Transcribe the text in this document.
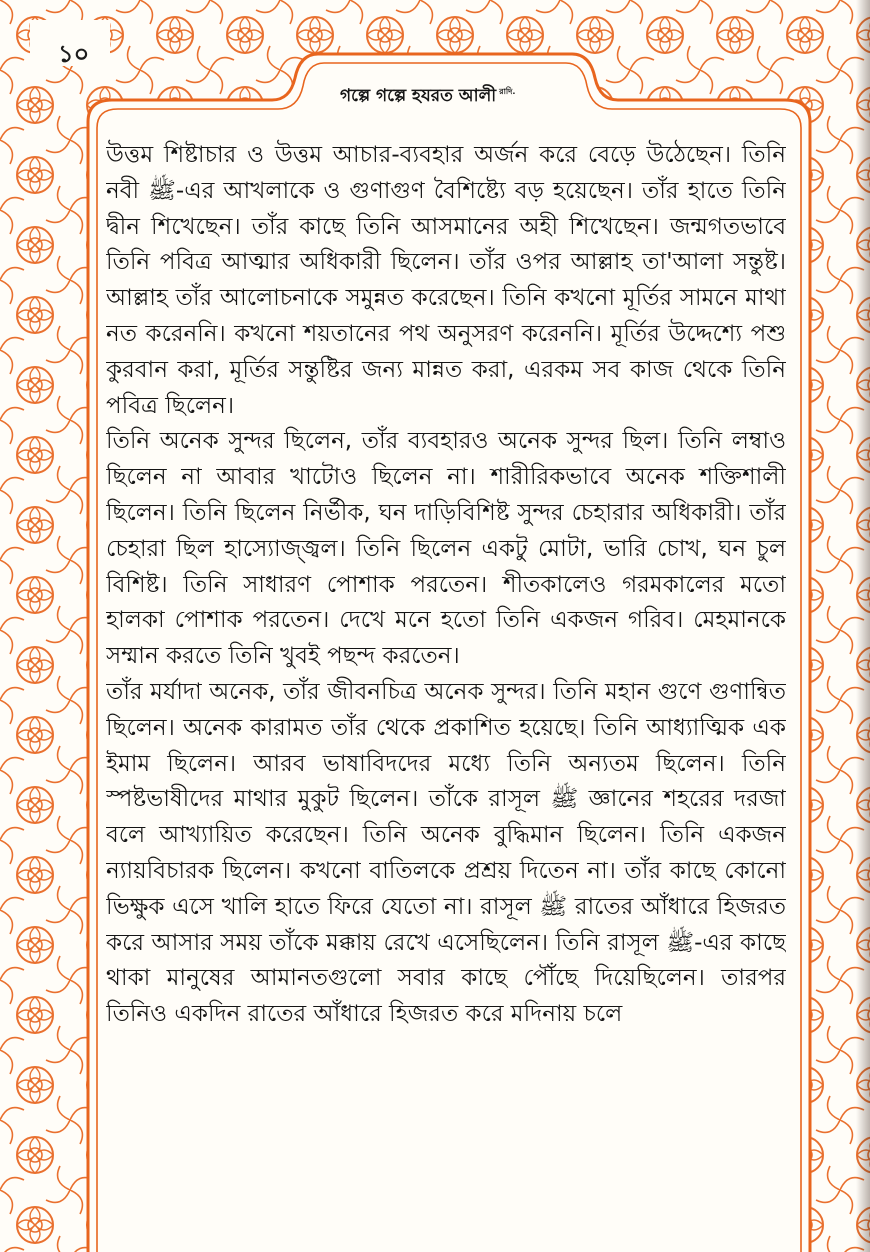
১০
গল্পে গল্পে হযরত আলী $^{রাদি.}$

উত্তম শিষ্টাচার ও উত্তম আচার-ব্যবহার অর্জন করে বেড়ে উঠেছেন। তিনি নবী ﷺ-এর আখলাকে ও গুণাগুণ বৈশিষ্ট্যে বড় হয়েছেন। তাঁর হাতে তিনি দ্বীন শিখেছেন। তাঁর কাছে তিনি আসমানের অহী শিখেছেন। জন্মগতভাবে তিনি পবিত্র আত্মার অধিকারী ছিলেন। তাঁর ওপর আল্লাহ তা'আলা সন্তুষ্ট। আল্লাহ তাঁর আলোচনাকে সমুন্নত করেছেন। তিনি কখনো মূর্তির সামনে মাথা নত করেননি। কখনো শয়তানের পথ অনুসরণ করেননি। মূর্তির উদ্দেশ্যে পশু কুরবান করা, মূর্তির সন্তুষ্টির জন্য মান্নত করা, এরকম সব কাজ থেকে তিনি পবিত্র ছিলেন।

তিনি অনেক সুন্দর ছিলেন, তাঁর ব্যবহারও অনেক সুন্দর ছিল। তিনি লম্বাও ছিলেন না আবার খাটোও ছিলেন না। শারীরিকভাবে অনেক শক্তিশালী ছিলেন। তিনি ছিলেন নির্ভীক, ঘন দাড়িবিশিষ্ট সুন্দর চেহারার অধিকারী। তাঁর চেহারা ছিল হাস্যোজ্জ্বল। তিনি ছিলেন একটু মোটা, ভারি চোখ, ঘন চুল বিশিষ্ট। তিনি সাধারণ পোশাক পরতেন। শীতকালেও গরমকালের মতো হালকা পোশাক পরতেন। দেখে মনে হতো তিনি একজন গরিব। মেহমানকে সম্মান করতে তিনি খুবই পছন্দ করতেন।

তাঁর মর্যাদা অনেক, তাঁর জীবনচিত্র অনেক সুন্দর। তিনি মহান গুণে গুণান্বিত ছিলেন। অনেক কারামত তাঁর থেকে প্রকাশিত হয়েছে। তিনি আধ্যাত্মিক এক ইমাম ছিলেন। আরব ভাষাবিদদের মধ্যে তিনি অন্যতম ছিলেন। তিনি স্পষ্টভাষীদের মাথার মুকুট ছিলেন। তাঁকে রাসূল ﷺ জ্ঞানের শহরের দরজা বলে আখ্যায়িত করেছেন। তিনি অনেক বুদ্ধিমান ছিলেন। তিনি একজন ন্যায়বিচারক ছিলেন। কখনো বাতিলকে প্রশ্রয় দিতেন না। তাঁর কাছে কোনো ভিক্ষুক এসে খালি হাতে ফিরে যেতো না। রাসূল ﷺ রাতের আঁধারে হিজরত করে আসার সময় তাঁকে মক্কায় রেখে এসেছিলেন। তিনি রাসূল ﷺ-এর কাছে থাকা মানুষের আমানতগুলো সবার কাছে পৌঁছে দিয়েছিলেন। তারপর তিনিও একদিন রাতের আঁধারে হিজরত করে মদিনায় চলে
